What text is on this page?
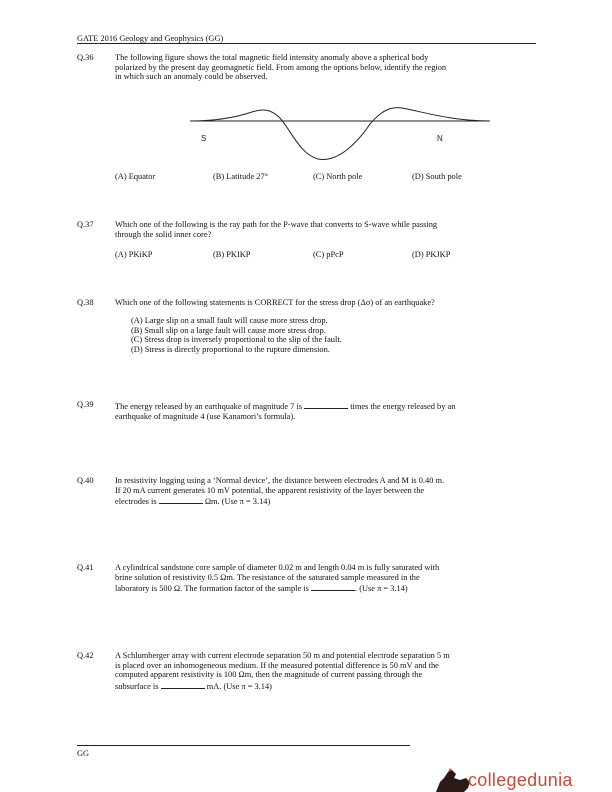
GATE 2016 Geology and Geophysics (GG)
Q.36	The following figure shows the total magnetic field intensity anomaly above a spherical body
polarized by the present day geomagnetic field. From among the options below, identify the region
in which such an anomaly could be observed.
S	N
(A) Equator	(B) Latitude 27°	(C) North pole	(D) South pole
Q.37	Which one of the following is the ray path for the P-wave that converts to S-wave while passing
through the solid inner core?
(A) PKiKP	(B) PKIKP	(C) pPcP	(D) PKJKP
Q.38	Which one of the following statements is CORRECT for the stress drop (Δσ) of an earthquake?
(A) Large slip on a small fault will cause more stress drop.
(B) Small slip on a large fault will cause more stress drop.
(C) Stress drop is inversely proportional to the slip of the fault.
(D) Stress is directly proportional to the rupture dimension.
Q.39	The energy released by an earthquake of magnitude 7 is	times the energy released by an
earthquake of magnitude 4 (use Kanamori’s formula).
Q.40	In resistivity logging using a ‘Normal device’, the distance between electrodes A and M is 0.40 m.
If 20 mA current generates 10 mV potential, the apparent resistivity of the layer between the
electrodes is	Ωm. (Use π = 3.14)
Q.41	A cylindrical sandstone core sample of diameter 0.02 m and length 0.04 m is fully saturated with
brine solution of resistivity 0.5 Ωm. The resistance of the saturated sample measured in the
laboratory is 500 Ω. The formation factor of the sample is	. (Use π = 3.14)
Q.42	A Schlumberger array with current electrode separation 50 m and potential electrode separation 5 m
is placed over an inhomogeneous medium. If the measured potential difference is 50 mV and the
computed apparent resistivity is 100 Ωm, then the magnitude of current passing through the
subsurface is	mA. (Use π = 3.14)
GG
collegedunia
